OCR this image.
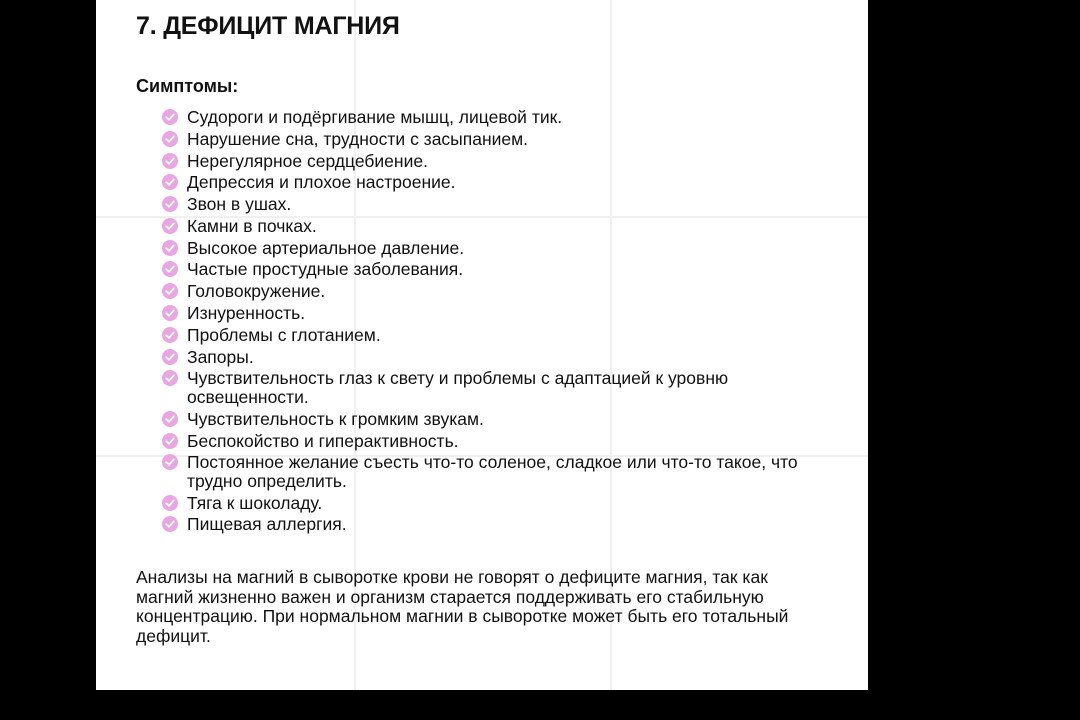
7. ДЕФИЦИТ МАГНИЯ
Симптомы:
Судороги и подёргивание мышц, лицевой тик.
Нарушение сна, трудности с засыпанием.
Нерегулярное сердцебиение.
Депрессия и плохое настроение.
Звон в ушах.
Камни в почках.
Высокое артериальное давление.
Частые простудные заболевания.
Головокружение.
Изнуренность.
Проблемы с глотанием.
Запоры.
Чувствительность глаз к свету и проблемы с адаптацией к уровню освещенности.
Чувствительность к громким звукам.
Беспокойство и гиперактивность.
Постоянное желание съесть что-то соленое, сладкое или что-то такое, что трудно определить.
Тяга к шоколаду.
Пищевая аллергия.

Анализы на магний в сыворотке крови не говорят о дефиците магния, так как магний жизненно важен и организм старается поддерживать его стабильную концентрацию. При нормальном магнии в сыворотке может быть его тотальный дефицит.
